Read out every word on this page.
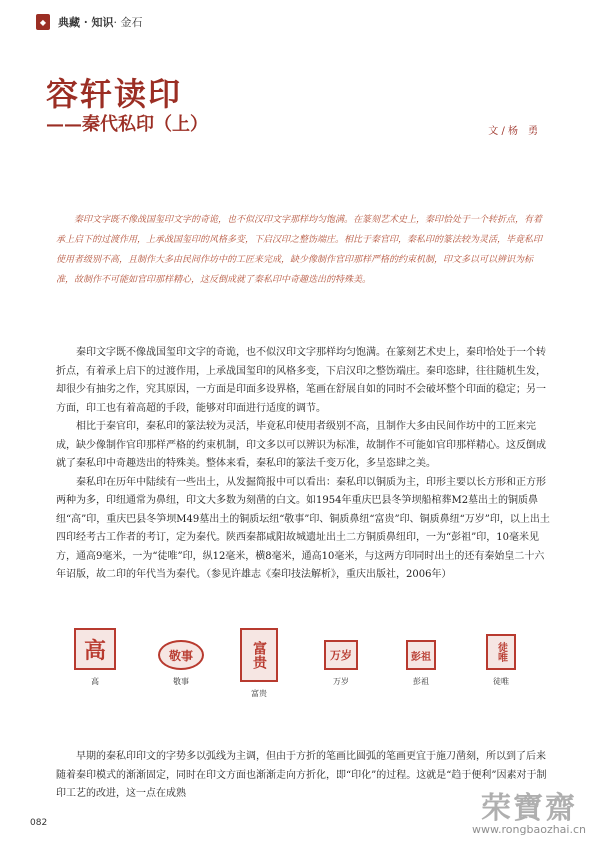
◆ 典藏 · 知识· 金石
容轩读印
——秦代私印（上）	文 / 杨　勇
秦印文字既不像战国玺印文字的奇诡，也不似汉印文字那样均匀饱满。在篆刻艺术史上，秦印恰处于一个转折点，有着承上启下的过渡作用，上承战国玺印的风格多变，下启汉印之整饬端庄。相比于秦官印，秦私印的篆法较为灵活，毕竟私印使用者级别不高，且制作大多由民间作坊中的工匠来完成，缺少像制作官印那样严格的约束机制，印文多以可以辨识为标准，故制作不可能如官印那样精心，这反倒成就了秦私印中奇趣迭出的特殊美。

秦印文字既不像战国玺印文字的奇诡，也不似汉印文字那样均匀饱满。在篆刻艺术史上，秦印恰处于一个转折点，有着承上启下的过渡作用，上承战国玺印的风格多变，下启汉印之整饬端庄。秦印恣肆，往往随机生发，却很少有抽劣之作，究其原因，一方面是印面多设界格，笔画在舒展自如的同时不会破坏整个印面的稳定；另一方面，印工也有着高超的手段，能够对印面进行适度的调节。

相比于秦官印，秦私印的篆法较为灵活，毕竟私印使用者级别不高，且制作大多由民间作坊中的工匠来完成，缺少像制作官印那样严格的约束机制，印文多以可以辨识为标准，故制作不可能如官印那样精心。这反倒成就了秦私印中奇趣迭出的特殊美。整体来看，秦私印的篆法千变万化，多呈恣肆之美。

秦私印在历年中陆续有一些出土，从发掘简报中可以看出：秦私印以铜质为主，印形主要以长方形和正方形两种为多，印纽通常为鼻纽，印文大多数为刻凿的白文。如1954年重庆巴县冬笋坝船棺葬M2墓出土的铜质鼻纽“高”印，重庆巴县冬笋坝M49墓出土的铜质坛纽“敬事”印、铜质鼻纽“富贵”印、铜质鼻纽“万岁”印，以上出土四印经考古工作者的考订，定为秦代。陕西秦都咸阳故城遗址出土二方铜质鼻纽印，一为“彭祖”印，10毫米见方，通高9毫米，一为“徒唯”印，纵12毫米，横8毫米，通高10毫米，与这两方印同时出土的还有秦始皇二十六年诏版，故二印的年代当为秦代。（参见许雄志《秦印技法解析》，重庆出版社，2006年）

高
高
敬事
敬事
富贵
富贵
万岁
万岁
彭祖
彭祖
徒唯
徒唯

早期的秦私印印文的字势多以弧线为主调，但由于方折的笔画比圆弧的笔画更宜于施刀凿刻，所以到了后来随着秦印模式的渐渐固定，同时在印文方面也渐渐走向方折化，即“印化”的过程。这就是“趋于便利”因素对于制印工艺的改进，这一点在成熟

082	荣寶齋
www.rongbaozhai.cn
